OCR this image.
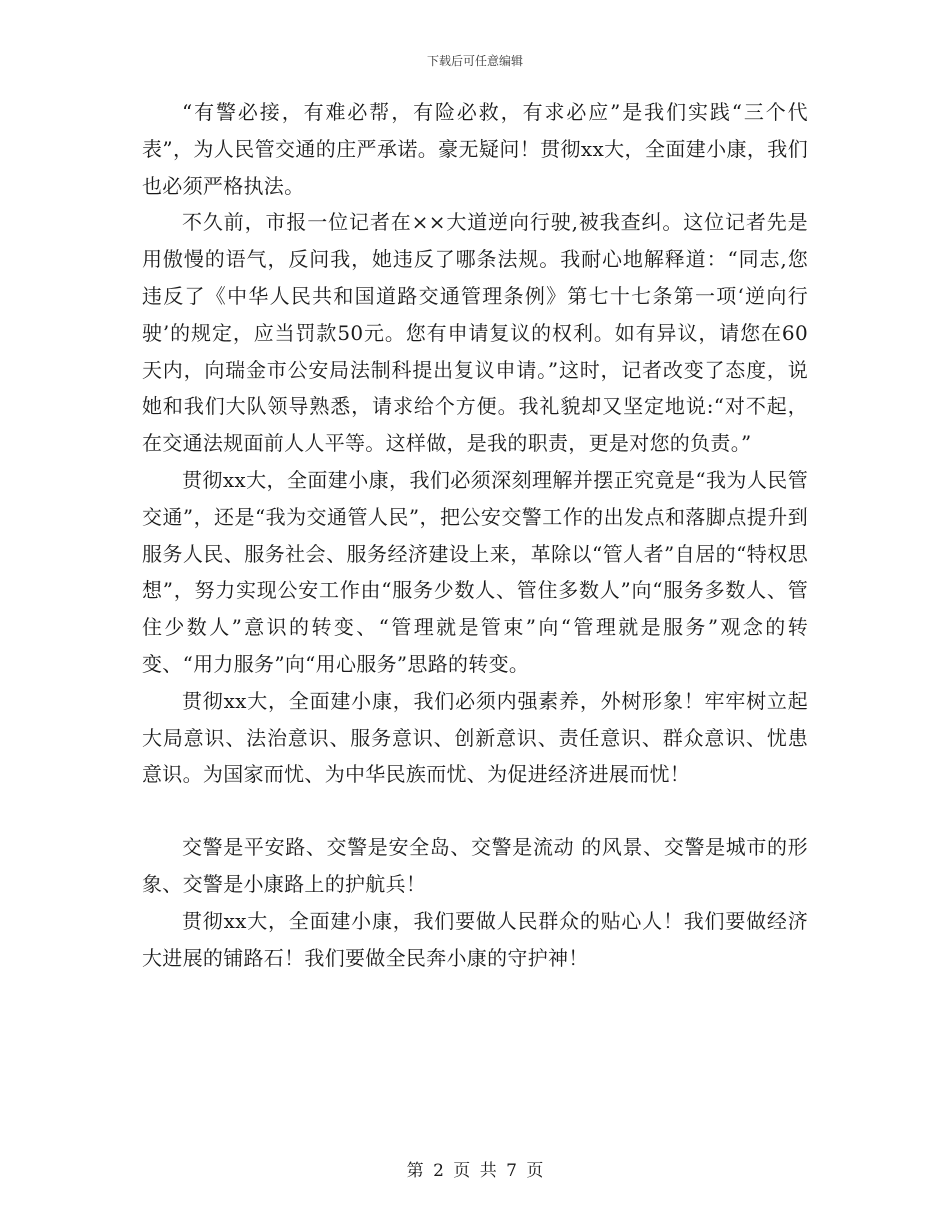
下载后可任意编辑

“有警必接，有难必帮，有险必救，有求必应”是我们实践“三个代表”，为人民管交通的庄严承诺。豪无疑问！贯彻xx大，全面建小康，我们也必须严格执法。

不久前，市报一位记者在××大道逆向行驶,被我查纠。这位记者先是用傲慢的语气，反问我，她违反了哪条法规。我耐心地解释道：“同志,您违反了《中华人民共和国道路交通管理条例》第七十七条第一项‘逆向行驶’的规定，应当罚款50元。您有申请复议的权利。如有异议，请您在60天内，向瑞金市公安局法制科提出复议申请。”这时，记者改变了态度，说她和我们大队领导熟悉，请求给个方便。我礼貌却又坚定地说:“对不起，在交通法规面前人人平等。这样做，是我的职责，更是对您的负责。”

贯彻xx大，全面建小康，我们必须深刻理解并摆正究竟是“我为人民管交通”，还是“我为交通管人民”，把公安交警工作的出发点和落脚点提升到服务人民、服务社会、服务经济建设上来，革除以“管人者”自居的“特权思想”，努力实现公安工作由“服务少数人、管住多数人”向“服务多数人、管住少数人”意识的转变、“管理就是管束”向“管理就是服务”观念的转变、“用力服务”向“用心服务”思路的转变。

贯彻xx大，全面建小康，我们必须内强素养，外树形象！牢牢树立起大局意识、法治意识、服务意识、创新意识、责任意识、群众意识、忧患意识。为国家而忧、为中华民族而忧、为促进经济进展而忧！

交警是平安路、交警是安全岛、交警是流动 的风景、交警是城市的形象、交警是小康路上的护航兵！

贯彻xx大，全面建小康，我们要做人民群众的贴心人！我们要做经济大进展的铺路石！我们要做全民奔小康的守护神！

第 2 页 共 7 页
